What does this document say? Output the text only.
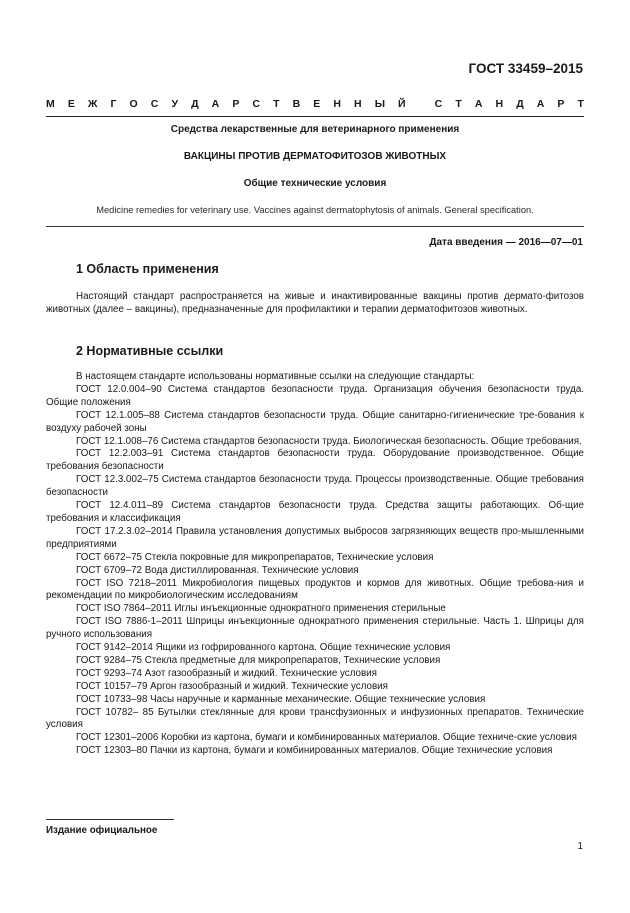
ГОСТ 33459–2015
М Е Ж Г О С У Д А Р С Т В Е Н Н Ы Й
	С Т А Н Д А Р Т
Средства лекарственные для ветеринарного применения
ВАКЦИНЫ ПРОТИВ ДЕРМАТОФИТОЗОВ ЖИВОТНЫХ
Общие технические условия
Medicine remedies for veterinary use. Vaccines against dermatophytosis of animals. General specification.
Дата введения — 2016—07—01
1 Область применения

Настоящий стандарт распространяется на живые и инактивированные вакцины против дермато-фитозов животных (далее – вакцины), предназначенные для профилактики и терапии дерматофитозов животных.

2 Нормативные ссылки

В настоящем стандарте использованы нормативные ссылки на следующие стандарты:

ГОСТ 12.0.004–90 Система стандартов безопасности труда. Организация обучения безопасности труда. Общие положения

ГОСТ 12.1.005–88 Система стандартов безопасности труда. Общие санитарно-гигиенические тре-бования к воздуху рабочей зоны

ГОСТ 12.1.008–76 Система стандартов безопасности труда. Биологическая безопасность. Общие требования.

ГОСТ 12.2.003–91 Система стандартов безопасности труда. Оборудование производственное. Общие требования безопасности

ГОСТ 12.3.002–75 Система стандартов безопасности труда. Процессы производственные. Общие требования безопасности

ГОСТ 12.4.011–89 Система стандартов безопасности труда. Средства защиты работающих. Об-щие требования и классификация

ГОСТ 17.2.3.02–2014 Правила установления допустимых выбросов загрязняющих веществ про-мышленными предприятиями

ГОСТ 6672–75 Стекла покровные для микропрепаратов, Технические условия

ГОСТ 6709–72 Вода дистиллированная. Технические условия

ГОСТ ISO 7218–2011 Микробиология пищевых продуктов и кормов для животных. Общие требова-ния и рекомендации по микробиологическим исследованиям

ГОСТ ISO 7864–2011 Иглы инъекционные однократного применения стерильные

ГОСТ ISO 7886-1–2011 Шприцы инъекционные однократного применения стерильные. Часть 1. Шприцы для ручного использования

ГОСТ 9142–2014 Ящики из гофрированного картона. Общие технические условия

ГОСТ 9284–75 Стекла предметные для микропрепаратов, Технические условия

ГОСТ 9293–74 Азот газообразный и жидкий. Технические условия

ГОСТ 10157–79 Аргон газообразный и жидкий. Технические условия

ГОСТ 10733–98 Часы наручные и карманные механические. Общие технические условия

ГОСТ 10782– 85 Бутылки стеклянные для крови трансфузионных и инфузионных препаратов. Технические условия

ГОСТ 12301–2006 Коробки из картона, бумаги и комбинированных материалов. Общие техниче-ские условия

ГОСТ 12303–80 Пачки из картона, бумаги и комбинированных материалов. Общие технические условия

Издание официальное
1
